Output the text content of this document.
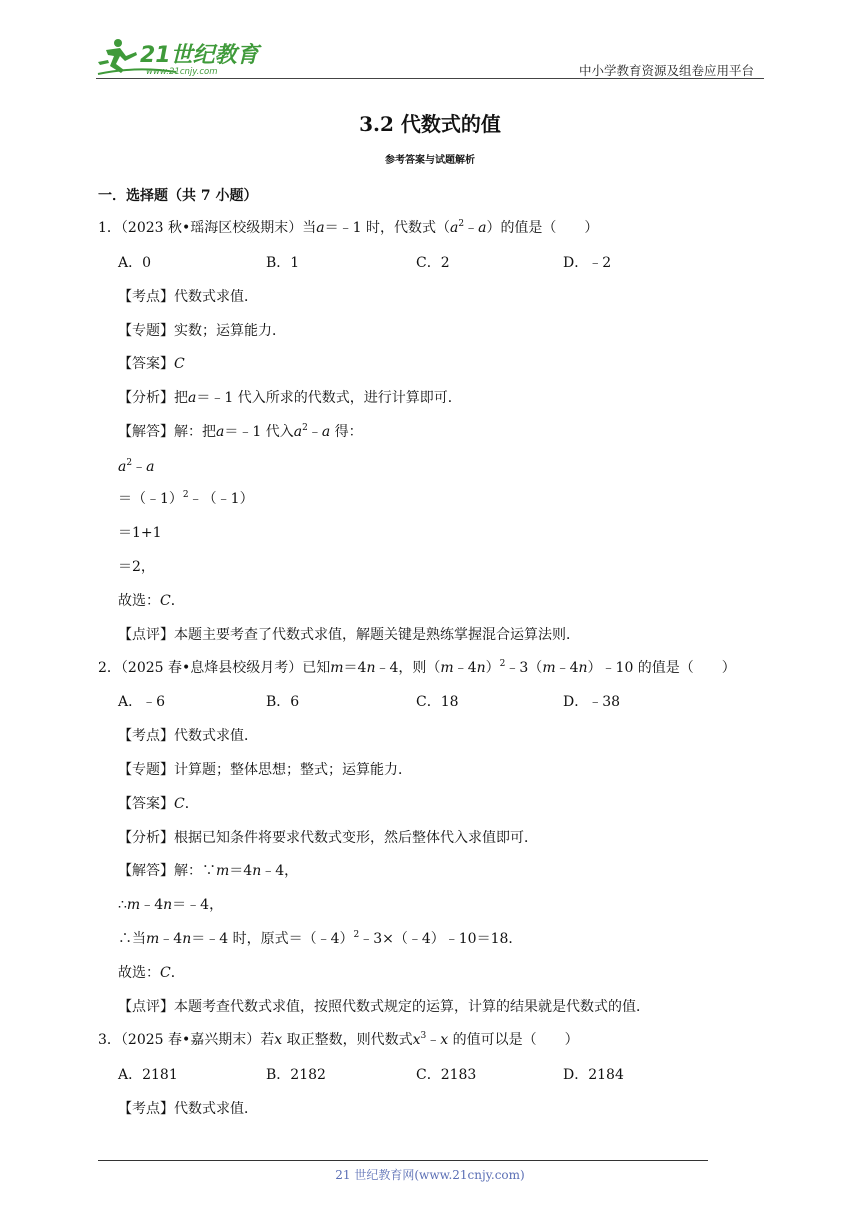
21世纪教育
www.21cnjy.com	中小学教育资源及组卷应用平台
3.2 代数式的值
参考答案与试题解析
一．选择题（共 7 小题）
1．（2023 秋•瑶海区校级期末）当a＝﹣1 时，代数式$(a^2﹣a)$的值是（　　）
A．0	B．1	C．2	D．﹣2
【考点】代数式求值．
【专题】实数；运算能力．
【答案】C
【分析】把a＝﹣1 代入所求的代数式，进行计算即可．
【解答】解：把a＝﹣1 代入$a^2﹣a$ 得：
$a^2﹣a$
＝（﹣1）$^2$﹣（﹣1）
＝1+1
＝2，
故选：C．
【点评】本题主要考查了代数式求值，解题关键是熟练掌握混合运算法则．
2．（2025 春•息烽县校级月考）已知m＝4n﹣4，则（m﹣4n）$^2$﹣3（m﹣4n）﹣10 的值是（　　）
A．﹣6	B．6	C．18	D．﹣38
【考点】代数式求值．
【专题】计算题；整体思想；整式；运算能力．
【答案】C．
【分析】根据已知条件将要求代数式变形，然后整体代入求值即可．
【解答】解：∵m＝4n﹣4，
∴m﹣4n＝﹣4，
∴当m﹣4n＝﹣4 时，原式＝（﹣4）$^2$﹣3×（﹣4）﹣10＝18．
故选：C．
【点评】本题考查代数式求值，按照代数式规定的运算，计算的结果就是代数式的值．
3．（2025 春•嘉兴期末）若x 取正整数，则代数式$x^3﹣x$ 的值可以是（　　）
A．2181	B．2182	C．2183	D．2184
【考点】代数式求值．
21 世纪教育网(www.21cnjy.com)
